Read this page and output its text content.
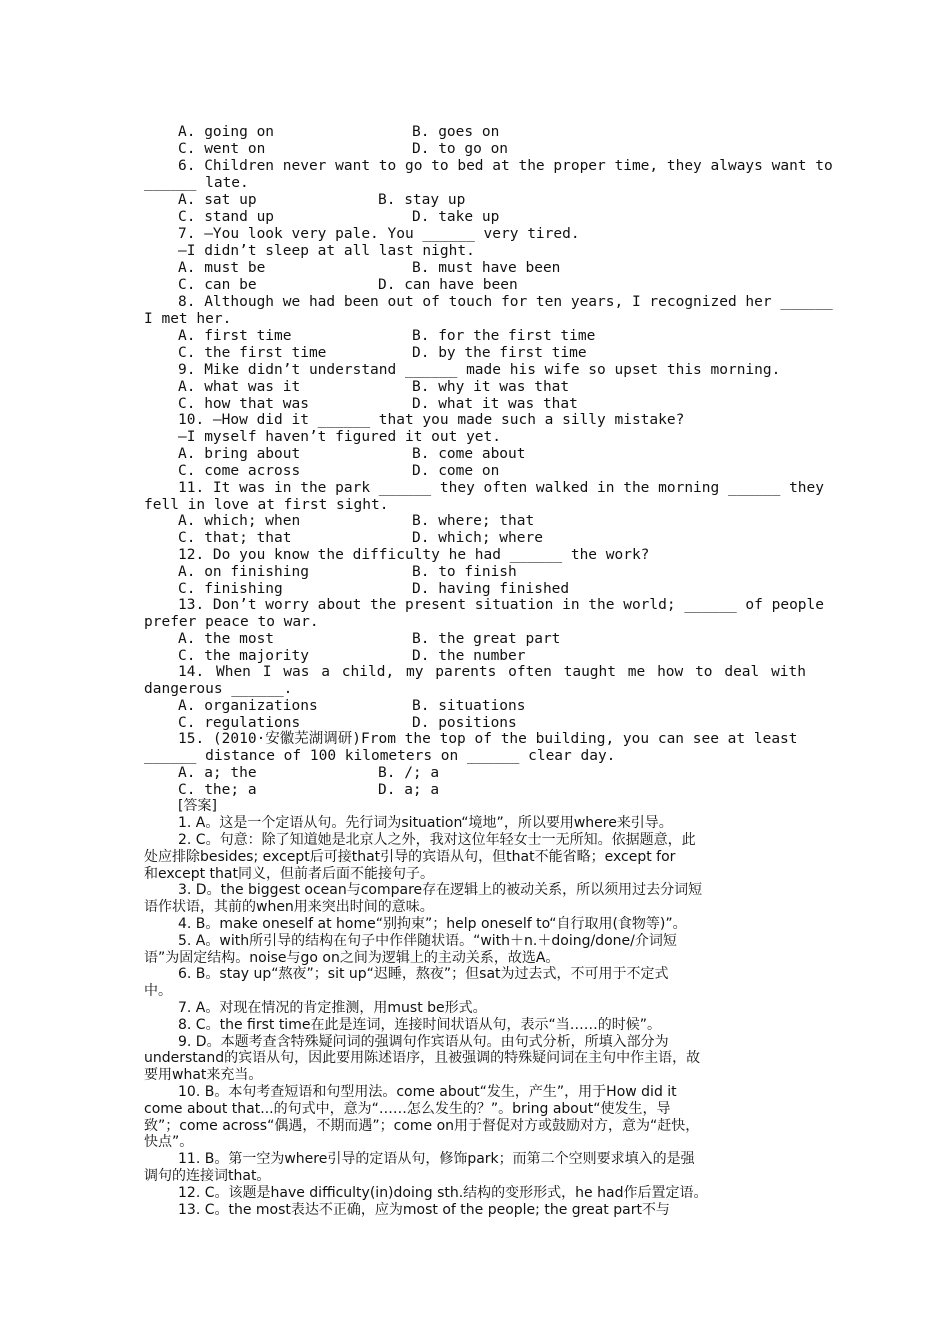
A. going on	B. goes on
C. went on	D. to go on
6. Children never want to go to bed at the proper time, they always want to
______ late.
A. sat up	B. stay up
C. stand up	D. take up
7. —You look very pale. You ______ very tired.
—I didn’t sleep at all last night.
A. must be	B. must have been
C. can be	D. can have been
8. Although we had been out of touch for ten years, I recognized her ______
I met her.
A. first time	B. for the first time
C. the first time	D. by the first time
9. Mike didn’t understand ______ made his wife so upset this morning.
A. what was it	B. why it was that
C. how that was	D. what it was that
10. —How did it ______ that you made such a silly mistake?
—I myself haven’t figured it out yet.
A. bring about	B. come about
C. come across	D. come on
11. It was in the park ______ they often walked in the morning ______ they
fell in love at first sight.
A. which; when	B. where; that
C. that; that	D. which; where
12. Do you know the difficulty he had ______ the work?
A. on finishing	B. to finish
C. finishing	D. having finished
13. Don’t worry about the present situation in the world; ______ of people
prefer peace to war.
A. the most	B. the great part
C. the majority	D. the number
14. When I was a child, my parents often taught me how to deal with
dangerous ______.
A. organizations	B. situations
C. regulations	D. positions
15. (2010·安徽芜湖调研)From the top of the building, you can see at least
______ distance of 100 kilometers on ______ clear day.
A. a; the	B. /; a
C. the; a	D. a; a
[答案]
1. A。这是一个定语从句。先行词为situation“境地”，所以要用where来引导。
2. C。句意：除了知道她是北京人之外，我对这位年轻女士一无所知。依据题意，此
处应排除besides; except后可接that引导的宾语从句，但that不能省略；except for
和except that同义，但前者后面不能接句子。
3. D。the biggest ocean与compare存在逻辑上的被动关系，所以须用过去分词短
语作状语，其前的when用来突出时间的意味。
4. B。make oneself at home“别拘束”；help oneself to“自行取用(食物等)”。
5. A。with所引导的结构在句子中作伴随状语。“with＋n.＋doing/done/介词短
语”为固定结构。noise与go on之间为逻辑上的主动关系，故选A。
6. B。stay up“熬夜”；sit up“迟睡，熬夜”；但sat为过去式，不可用于不定式
中。
7. A。对现在情况的肯定推测，用must be形式。
8. C。the first time在此是连词，连接时间状语从句，表示“当……的时候”。
9. D。本题考查含特殊疑问词的强调句作宾语从句。由句式分析，所填入部分为
understand的宾语从句，因此要用陈述语序，且被强调的特殊疑问词在主句中作主语，故
要用what来充当。
10. B。本句考查短语和句型用法。come about“发生，产生”，用于How did it
come about that...的句式中，意为“……怎么发生的？”。bring about“使发生，导
致”；come across“偶遇，不期而遇”；come on用于督促对方或鼓励对方，意为“赶快，
快点”。
11. B。第一空为where引导的定语从句，修饰park；而第二个空则要求填入的是强
调句的连接词that。
12. C。该题是have difficulty(in)doing sth.结构的变形形式，he had作后置定语。
13. C。the most表达不正确，应为most of the people; the great part不与
